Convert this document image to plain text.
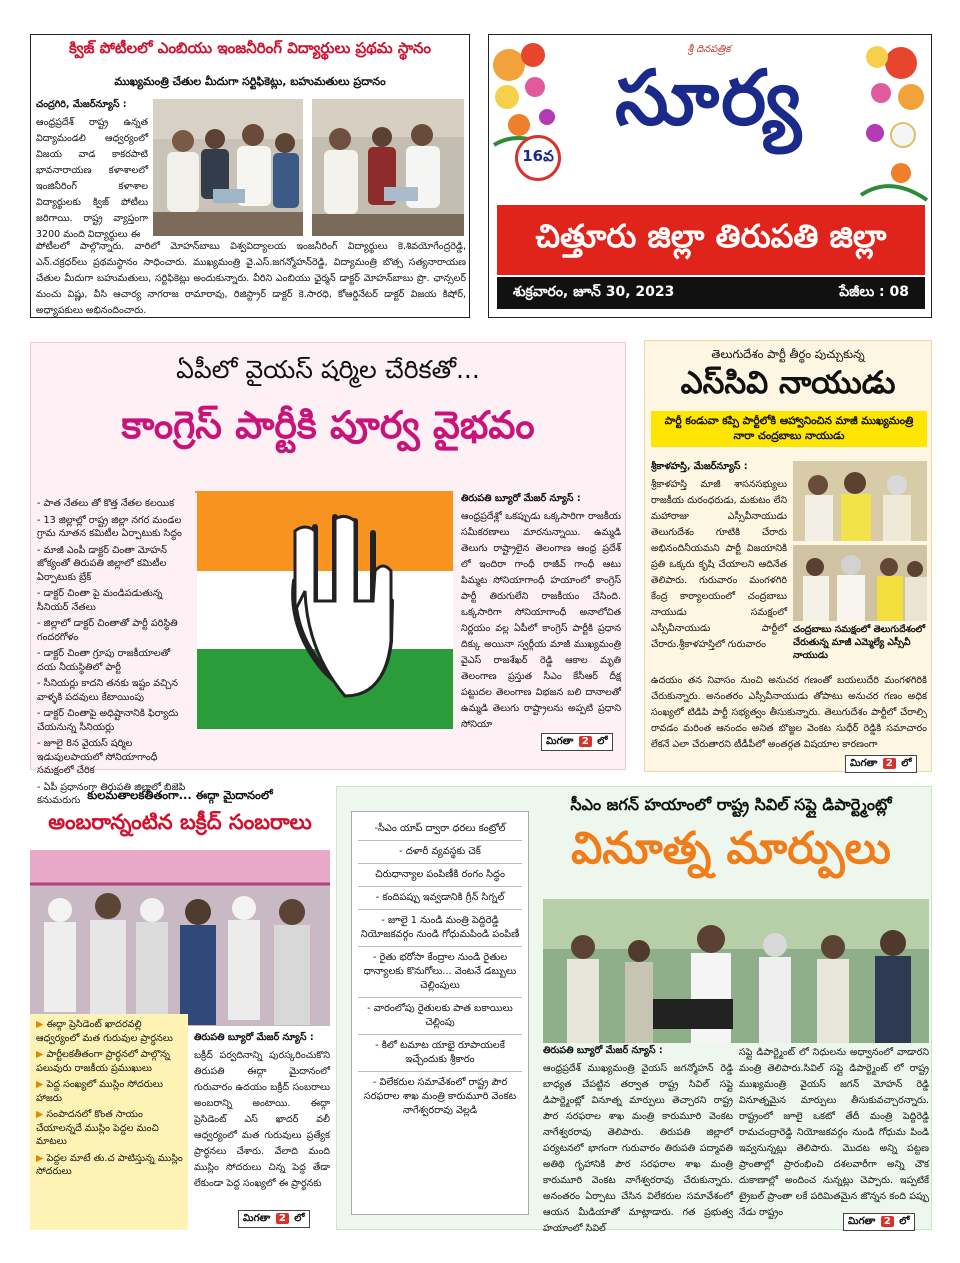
క్విజ్ పోటీలలో ఎంబియు ఇంజనీరింగ్ విద్యార్థులు ప్రథమ స్థానం
ముఖ్యమంత్రి చేతుల మీదుగా సర్టిఫికెట్లు, బహుమతులు ప్రదానం
చంద్రగిరి, మేజర్‌న్యూస్ :
ఆంధ్రప్రదేశ్ రాష్ట్ర ఉన్నత విద్యామండలి ఆధ్వర్యంలో విజయ వాడ కాకరపాటి భావనారాయణ కళాశాలలో ఇంజినీరింగ్ కళాశాల విద్యార్థులకు క్విజ్ పోటీలు జరిగాయి. రాష్ట్ర వ్యాప్తంగా 3200 మంది విద్యార్థులు ఈ
పోటీలలో పాల్గొన్నారు. వారిలో మోహన్‌బాబు విశ్వవిద్యాలయ ఇంజనీరింగ్ విద్యార్థులు కె.శివయోగేంద్రరెడ్డి, ఎన్.చక్రధర్‌లు ప్రథమస్థానం సాధించారు. ముఖ్యమంత్రి వై.ఎస్.జగన్మోహన్‌రెడ్డి, విద్యామంత్రి బొత్స సత్యనారాయణ చేతుల మీదుగా బహుమతులు, సర్టిఫికెట్లు అందుకున్నారు. వీరిని ఎంబియు ఛైర్మన్ డాక్టర్ మోహన్‌బాబు ప్రొ. ఛాన్సలర్ మంచు విష్ణు, వీసి ఆచార్య నాగరాజ రామారావు, రిజిస్ట్రార్ డాక్టర్ కె.సారధి, కోఆర్డినేటర్ డాక్టర్ విజయ కిషోర్, అధ్యాపకులు అభినందించారు.
శ్రీ దినపత్రిక
సూర్య
16వ
చిత్తూరు జిల్లా తిరుపతి జిల్లా
శుక్రవారం, జూన్ 30, 2023	పేజీలు : 08
ఏపీలో వైయస్ షర్మిల చేరికతో...
కాంగ్రెస్ పార్టీకి పూర్వ వైభవం
- పాత నేతలు తో కొత్త నేతల కలయిక
- 13 జిల్లాల్లో రాష్ట్ర జిల్లా నగర మండల గ్రామ నూతన కమిటీల ఏర్పాటుకు సిద్ధం
- మాజీ ఎంపీ డాక్టర్ చింతా మోహన్ జోక్యంతో తిరుపతి జిల్లాలో కమిటీల ఏర్పాటుకు బ్రేక్
- డాక్టర్ చింతా పై మండిపడుతున్న సీనియర్ నేతలు
- జిల్లాలో డాక్టర్ చింతాతో పార్టీ పరిస్థితి గందరగోళం
- డాక్టర్ చింతా గ్రూపు రాజకీయాలతో దయ నీయస్థితిలో పార్టీ
- సీనియర్లు కాదని తనకు ఇష్టం వచ్చిన వాళ్ళకి పదవులు కేటాయింపు
- డాక్టర్ చింతాపై అధిష్టానానికి ఫిర్యాదు చేయనున్న సీనియర్లు
- జూలై 8న వైయస్ షర్మిల ఇడుపులపాయలో సోనియాగాంధీ సమక్షంలో చేరిక
- ఏపీ ప్రధానంగా తిరుపతి జిల్లాలో బిజెపి కనుమరుగు
తిరుపతి బ్యూరో మేజర్ న్యూస్ :
ఆంధ్రప్రదేశ్లో ఒకప్పుడు ఒక్కసారిగా రాజకీయ సమీకరణాలు మారనున్నాయి. ఉమ్మడి తెలుగు రాష్ట్రాలైన తెలంగాణ ఆంధ్ర ప్రదేశ్ లో ఇందిరా గాంధీ రాజీవ్ గాంధీ ఆటు పిమ్మట సోనియాగాంధీ హయాంలో కాంగ్రెస్ పార్టీ తిరుగులేని రాజకీయం చేసింది. ఒక్కసారిగా సోనియాగాంధీ అనాలోచిత నిర్ణయం వల్ల ఏపీలో కాంగ్రెస్ పార్టీకి ప్రధాన దిక్కు అయినా స్వర్గీయ మాజీ ముఖ్యమంత్రి వైఎస్ రాజశేఖర్ రెడ్డి ఆకాల మృతి తెలంగాణ ప్రస్తుత సీఎం కేసీఆర్ దీక్ష పట్టుదల తెలంగాణ విభజన బలి దానాలతో ఉమ్మడి తెలుగు రాష్ట్రాలను అప్పటి ప్రధాని సోనియా
మిగతా 2 లో
తెలుగుదేశం పార్టీ తీర్థం పుచ్చుకున్న
ఎస్‌సివి నాయుడు
పార్టీ కండువా కప్పి పార్టీలోకి ఆహ్వానించిన మాజీ ముఖ్యమంత్రి నారా చంద్రబాబు నాయుడు
శ్రీకాళహస్తి, మేజర్‌న్యూస్ :
శ్రీకాళహస్తి మాజీ శాసనసభ్యులు రాజకీయ దురంధరుడు, మకుటం లేని మహారాజు ఎస్సీవీనాయుడు తెలుగుదేశం గూటికి చేరారు అభినందినీయమని పార్టీ విజయానికి ప్రతి ఒక్కరు కృషి చేయాలని ఆదినేత తెలిపారు. గురువారం మంగళగిరి కేంద్ర కార్యాలయంలో చంద్రబాబు నాయుడు సమక్షంలో ఎస్సీవీనాయుడు పార్టీలో చేరారు.శ్రీకాళహస్తిలో గురువారం
చంద్రబాబు సమక్షంలో తెలుగుదేశంలో చేరుతున్న మాజీ ఎమ్మెల్యే ఎస్సీవీ నాయుడు
ఉదయం తన నివాసం నుంచి అనుచర గణంతో బయలుదేరి మంగళగిరికి చేరుకున్నారు. అనంతరం ఎస్సీవీనాయుడు తోపాటు అనుచర గణం అధిక సంఖ్యలో టిడిపి పార్టీ సభ్యత్వం తీసుకున్నారు. తెలుగుదేశం పార్టీలో చేరాల్సి రావడం మరింత ఆనందం అనిత బొజ్జల వెంకట సుధీర్ రెడ్డికి సమాచారం లేకనే ఎలా చేరుతారని టీడీపీలో అంతర్గత విషయాల కారణంగా
మిగతా 2 లో
కులమతాలకతీతంగా... ఈద్గా మైదానంలో
అంబరాన్నంటిన బక్రీద్ సంబరాలు
▶ ఈద్గా ప్రెసిడెంట్ ఖాదరవల్లి ఆధ్వర్యంలో మత గురువుల ప్రార్ధనలు
▶ పార్టీలకతీతంగా ప్రార్ధనలో పాల్గొన్న పలువురు రాజకీయ ప్రముఖులు
▶ పెద్ద సంఖ్యలో ముస్లిం సోదరులు హాజరు
▶ సంపాదనలో కొంత సాయం చేయాలన్నదే ముస్లిం పెద్దల మంచి మాటలు
▶ పెద్దల మాటే తు.చ పాటిస్తున్న ముస్లిం సోదరులు
తిరుపతి బ్యూరో మేజర్ న్యూస్ :
బక్రీద్ పర్వదినాన్ని పురస్కరించుకొని తిరుపతి ఈద్గా మైదానంలో గురువారం ఉదయం బక్రీద్ సంబరాలు అంబరాన్ని అంటాయి. ఈద్గా ప్రెసిడెంట్ ఎస్ ఖాదర్ వలీ ఆధ్వర్యంలో మత గురువులు ప్రత్యేక ప్రార్ధనలు చేశారు. వేలాది మంది ముస్లిం సోదరులు చిన్న పెద్ద తేడా లేకుండా పెద్ద సంఖ్యలో ఈ ప్రార్ధనకు
మిగతా 2 లో
సీఎం జగన్ హయాంలో రాష్ట్ర సివిల్ సప్లై డిపార్ట్మెంట్లో
వినూత్న మార్పులు
-సీఎం యాప్ ద్వారా ధరలు కంట్రోల్
- దళారీ వ్యవస్థకు చెక్
చిరుధాన్యాల పంపిణీకి రంగం సిద్ధం
- కందిపప్పు ఇవ్వడానికి గ్రీన్ సిగ్నల్
- జూలై 1 నుండి మంత్రి పెద్దిరెడ్డి నియోజకవర్గం నుండి గోధుమపిండి పంపిణీ
- రైతు భరోసా కేంద్రాల నుండి రైతుల ధాన్యాలకు కొనుగోలు... వెంటనే డబ్బులు చెల్లింపులు
- వారంలోపు రైతులకు పాత బకాయిలు చెల్లింపు
- కిలో టమాట యాభై రూపాయలకే ఇచ్చేందుకు శ్రీకారం
- విలేకరుల సమావేశంలో రాష్ట్ర పౌర సరఫరాల శాఖ మంత్రి కారుమూరి వెంకట నాగేశ్వరరావు వెల్లడి
తిరుపతి బ్యూరో మేజర్ న్యూస్ :
ఆంధ్రప్రదేశ్ ముఖ్యమంత్రి వైయస్ జగన్మోహన్ రెడ్డి బాధ్యత చేపట్టిన తర్వాత రాష్ట్ర సివిల్ సప్లై డిపార్ట్మెంట్లో వినూత్న మార్పులు తెచ్చారని రాష్ట్ర పౌర సరఫరాల శాఖ మంత్రి కారుమూరి వెంకట నాగేశ్వరరావు తెలిపారు. తిరుపతి జిల్లాలో పర్యటనలో భాగంగా గురువారం తిరుపతి పద్మావతి అతిథి గృహానికి పౌర సరఫరాల శాఖ మంత్రి కారుమూరి వెంకట నాగేశ్వరరావు చేరుకున్నారు. అనంతరం ఏర్పాటు చేసిన విలేకరుల సమావేశంలో ఆయన మీడియాతో మాట్లాడారు. గత ప్రభుత్వ హయాంలో సివిల్
సప్లై డిపార్ట్మెంట్ లో నిధులను అధ్వానంలో వాడారని మంత్రి తెలిపారు.సివిల్ సప్లై డిపార్ట్మెంట్ లో రాష్ట్ర ముఖ్యమంత్రి వైయస్ జగన్ మోహన్ రెడ్డి వినూత్నమైన మార్పులు తీసుకువచ్చారన్నారు. రాష్ట్రంలో జూలై ఒకటో తేదీ మంత్రి పెద్దిరెడ్డి రామచంద్రారెడ్డి నియోజకవర్గం నుండి గోధుమ పిండి ఇవ్వనున్నట్లు తెలిపారు. మొదట అన్ని పట్టణ ప్రాంతాల్లో ప్రారంభించి దశలవారీగా అన్ని చౌక దుకాణాల్లో అందించ నున్నట్లు చెప్పారు. ఇప్పటికే ట్రైబల్ ప్రాంతా లకే పరిమితమైన జొన్నన కంది పప్పు నేడు రాష్ట్రం
మిగతా 2 లో
